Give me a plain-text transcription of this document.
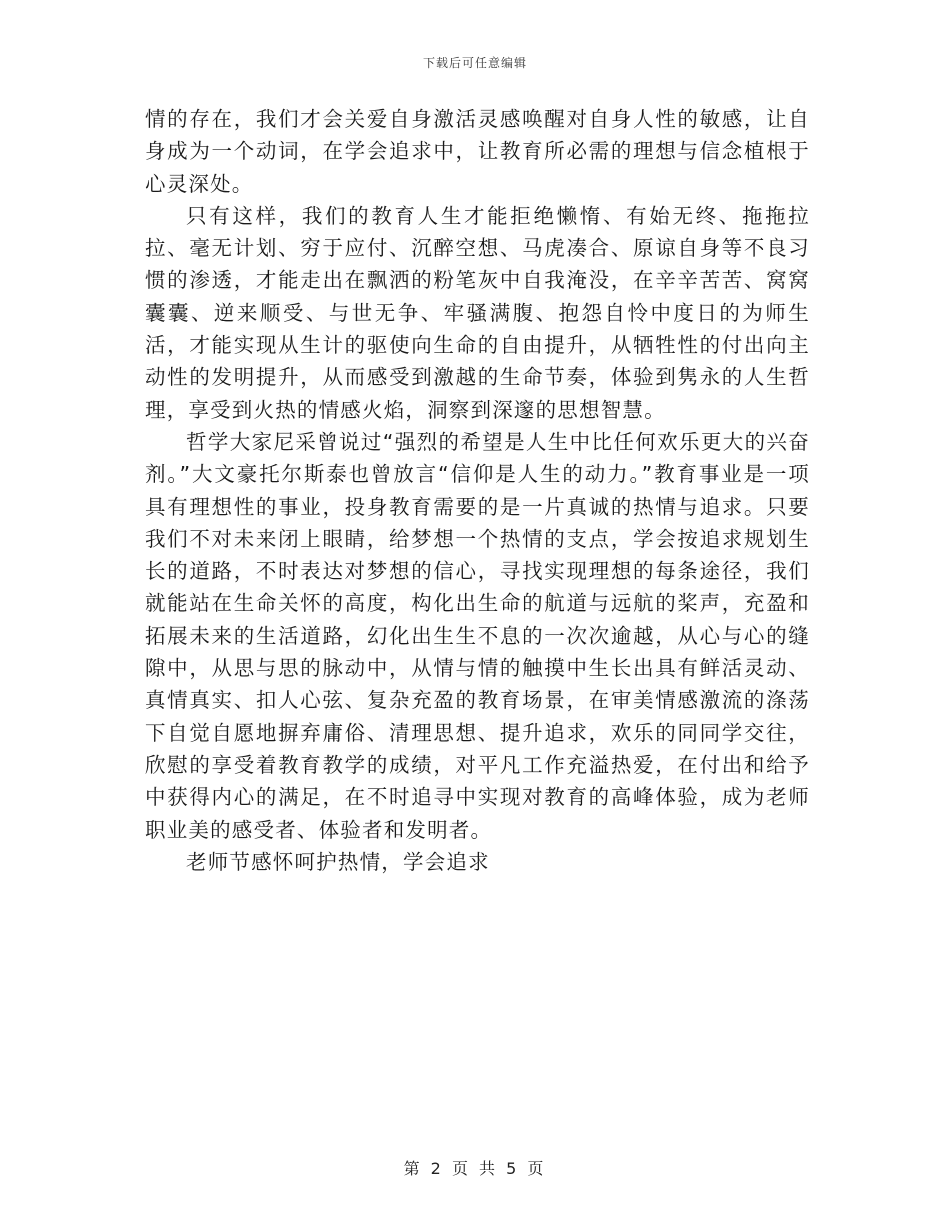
下载后可任意编辑

情的存在，我们才会关爱自身激活灵感唤醒对自身人性的敏感，让自身成为一个动词，在学会追求中，让教育所必需的理想与信念植根于心灵深处。

只有这样，我们的教育人生才能拒绝懒惰、有始无终、拖拖拉拉、毫无计划、穷于应付、沉醉空想、马虎凑合、原谅自身等不良习惯的渗透，才能走出在飘洒的粉笔灰中自我淹没，在辛辛苦苦、窝窝囊囊、逆来顺受、与世无争、牢骚满腹、抱怨自怜中度日的为师生活，才能实现从生计的驱使向生命的自由提升，从牺牲性的付出向主动性的发明提升，从而感受到激越的生命节奏，体验到隽永的人生哲理，享受到火热的情感火焰，洞察到深邃的思想智慧。

哲学大家尼采曾说过“强烈的希望是人生中比任何欢乐更大的兴奋剂。”大文豪托尔斯泰也曾放言“信仰是人生的动力。”教育事业是一项具有理想性的事业，投身教育需要的是一片真诚的热情与追求。只要我们不对未来闭上眼睛，给梦想一个热情的支点，学会按追求规划生长的道路，不时表达对梦想的信心，寻找实现理想的每条途径，我们就能站在生命关怀的高度，构化出生命的航道与远航的桨声，充盈和拓展未来的生活道路，幻化出生生不息的一次次逾越，从心与心的缝隙中，从思与思的脉动中，从情与情的触摸中生长出具有鲜活灵动、真情真实、扣人心弦、复杂充盈的教育场景，在审美情感激流的涤荡下自觉自愿地摒弃庸俗、清理思想、提升追求，欢乐的同同学交往，欣慰的享受着教育教学的成绩，对平凡工作充溢热爱，在付出和给予中获得内心的满足，在不时追寻中实现对教育的高峰体验，成为老师职业美的感受者、体验者和发明者。

老师节感怀呵护热情，学会追求

第 2 页 共 5 页
